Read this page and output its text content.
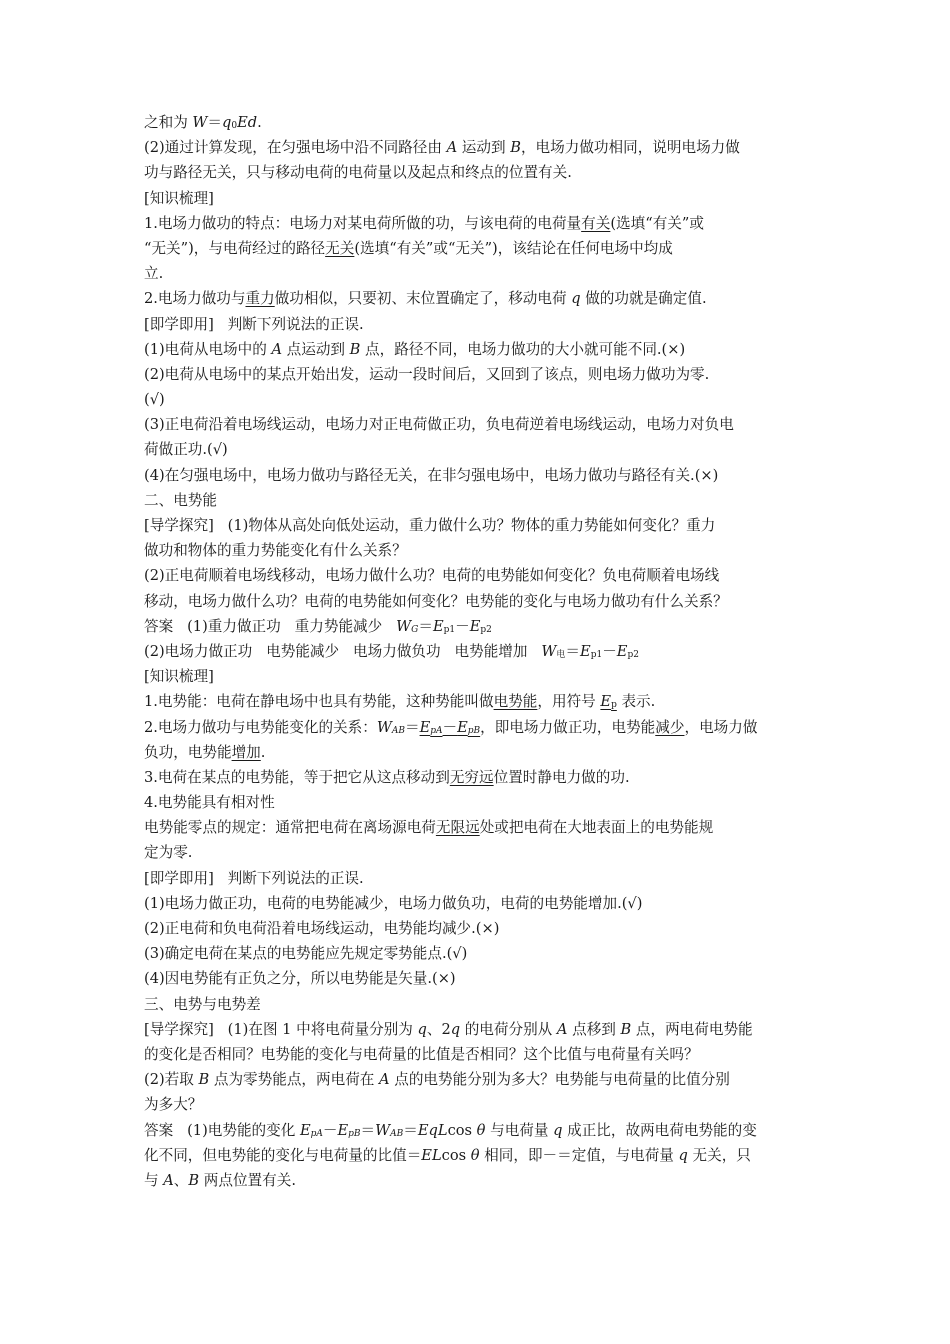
之和为 W＝q0Ed.
(2)通过计算发现，在匀强电场中沿不同路径由 A 运动到 B，电场力做功相同，说明电场力做
功与路径无关，只与移动电荷的电荷量以及起点和终点的位置有关.
[知识梳理]
1.电场力做功的特点：电场力对某电荷所做的功，与该电荷的电荷量有关(选填“有关”或
“无关”)，与电荷经过的路径无关(选填“有关”或“无关”)，该结论在任何电场中均成
立.
2.电场力做功与重力做功相似，只要初、末位置确定了，移动电荷 q 做的功就是确定值.
[即学即用]   判断下列说法的正误.
(1)电荷从电场中的 A 点运动到 B 点，路径不同，电场力做功的大小就可能不同.(×)
(2)电荷从电场中的某点开始出发，运动一段时间后，又回到了该点，则电场力做功为零.
(√)
(3)正电荷沿着电场线运动，电场力对正电荷做正功，负电荷逆着电场线运动，电场力对负电
荷做正功.(√)
(4)在匀强电场中，电场力做功与路径无关，在非匀强电场中，电场力做功与路径有关.(×)
二、电势能
[导学探究]   (1)物体从高处向低处运动，重力做什么功？物体的重力势能如何变化？重力
做功和物体的重力势能变化有什么关系？
(2)正电荷顺着电场线移动，电场力做什么功？电荷的电势能如何变化？负电荷顺着电场线
移动，电场力做什么功？电荷的电势能如何变化？电势能的变化与电场力做功有什么关系？
答案   (1)重力做正功   重力势能减少   WG＝Ep1－Ep2
(2)电场力做正功   电势能减少   电场力做负功   电势能增加   W电＝Ep1－Ep2
[知识梳理]
1.电势能：电荷在静电场中也具有势能，这种势能叫做电势能，用符号 Ep 表示.
2.电场力做功与电势能变化的关系：WAB＝EpA－EpB，即电场力做正功，电势能减少，电场力做
负功，电势能增加.
3.电荷在某点的电势能，等于把它从这点移动到无穷远位置时静电力做的功.
4.电势能具有相对性
电势能零点的规定：通常把电荷在离场源电荷无限远处或把电荷在大地表面上的电势能规
定为零.
[即学即用]   判断下列说法的正误.
(1)电场力做正功，电荷的电势能减少，电场力做负功，电荷的电势能增加.(√)
(2)正电荷和负电荷沿着电场线运动，电势能均减少.(×)
(3)确定电荷在某点的电势能应先规定零势能点.(√)
(4)因电势能有正负之分，所以电势能是矢量.(×)
三、电势与电势差
[导学探究]   (1)在图 1 中将电荷量分别为 q、2q 的电荷分别从 A 点移到 B 点，两电荷电势能
的变化是否相同？电势能的变化与电荷量的比值是否相同？这个比值与电荷量有关吗？
(2)若取 B 点为零势能点，两电荷在 A 点的电势能分别为多大？电势能与电荷量的比值分别
为多大？
答案   (1)电势能的变化 EpA－EpB＝WAB＝EqLcos θ 与电荷量 q 成正比，故两电荷电势能的变
化不同，但电势能的变化与电荷量的比值＝ELcos θ 相同，即－＝定值，与电荷量 q 无关，只
与 A、B 两点位置有关.
